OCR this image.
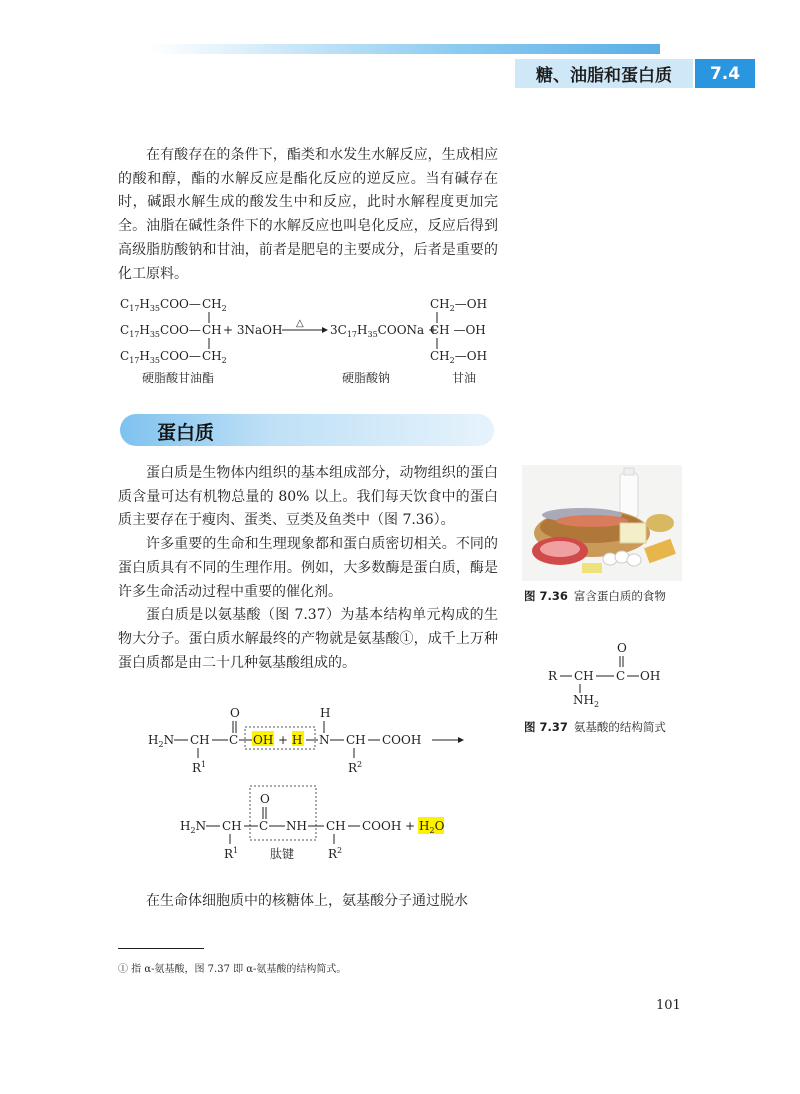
糖、油脂和蛋白质	7.4

在有酸存在的条件下，酯类和水发生水解反应，生成相应的酸和醇，酯的水解反应是酯化反应的逆反应。当有碱存在时，碱跟水解生成的酸发生中和反应，此时水解程度更加完全。油脂在碱性条件下的水解反应也叫皂化反应，反应后得到高级脂肪酸钠和甘油，前者是肥皂的主要成分，后者是重要的化工原料。

$C_{17}H_{35}COO—$ $CH_2$
$C_{17}H_{35}COO—$ CH + 3NaOH △ $3C_{17}H_{35}COONa$ +
$C_{17}H_{35}COO—$ $CH_2$
$CH_2—OH$
CH —OH
$CH_2—OH$
硬脂酸甘油酯	硬脂酸钠	甘油
蛋白质

蛋白质是生物体内组织的基本组成部分，动物组织的蛋白质含量可达有机物总量的 80% 以上。我们每天饮食中的蛋白质主要存在于瘦肉、蛋类、豆类及鱼类中（图 7.36）。

许多重要的生命和生理现象都和蛋白质密切相关。不同的蛋白质具有不同的生理作用。例如，大多数酶是蛋白质，酶是许多生命活动过程中重要的催化剂。

蛋白质是以氨基酸（图 7.37）为基本结构单元构成的生物大分子。蛋白质水解最终的产物就是氨基酸①，成千上万种蛋白质都是由二十几种氨基酸组成的。

图 7.36 富含蛋白质的食物
O
R CH C OH
$NH_2$
图 7.37 氨基酸的结构简式
O	H
$H_2N$ CH C OH + H N CH COOH
$R^1$	$R^2$
O
$H_2N$ CH C NH CH COOH + $H_2O$
$R^1$	肽键	$R^2$

在生命体细胞质中的核糖体上，氨基酸分子通过脱水

① 指 α-氨基酸，图 7.37 即 α-氨基酸的结构简式。
101
